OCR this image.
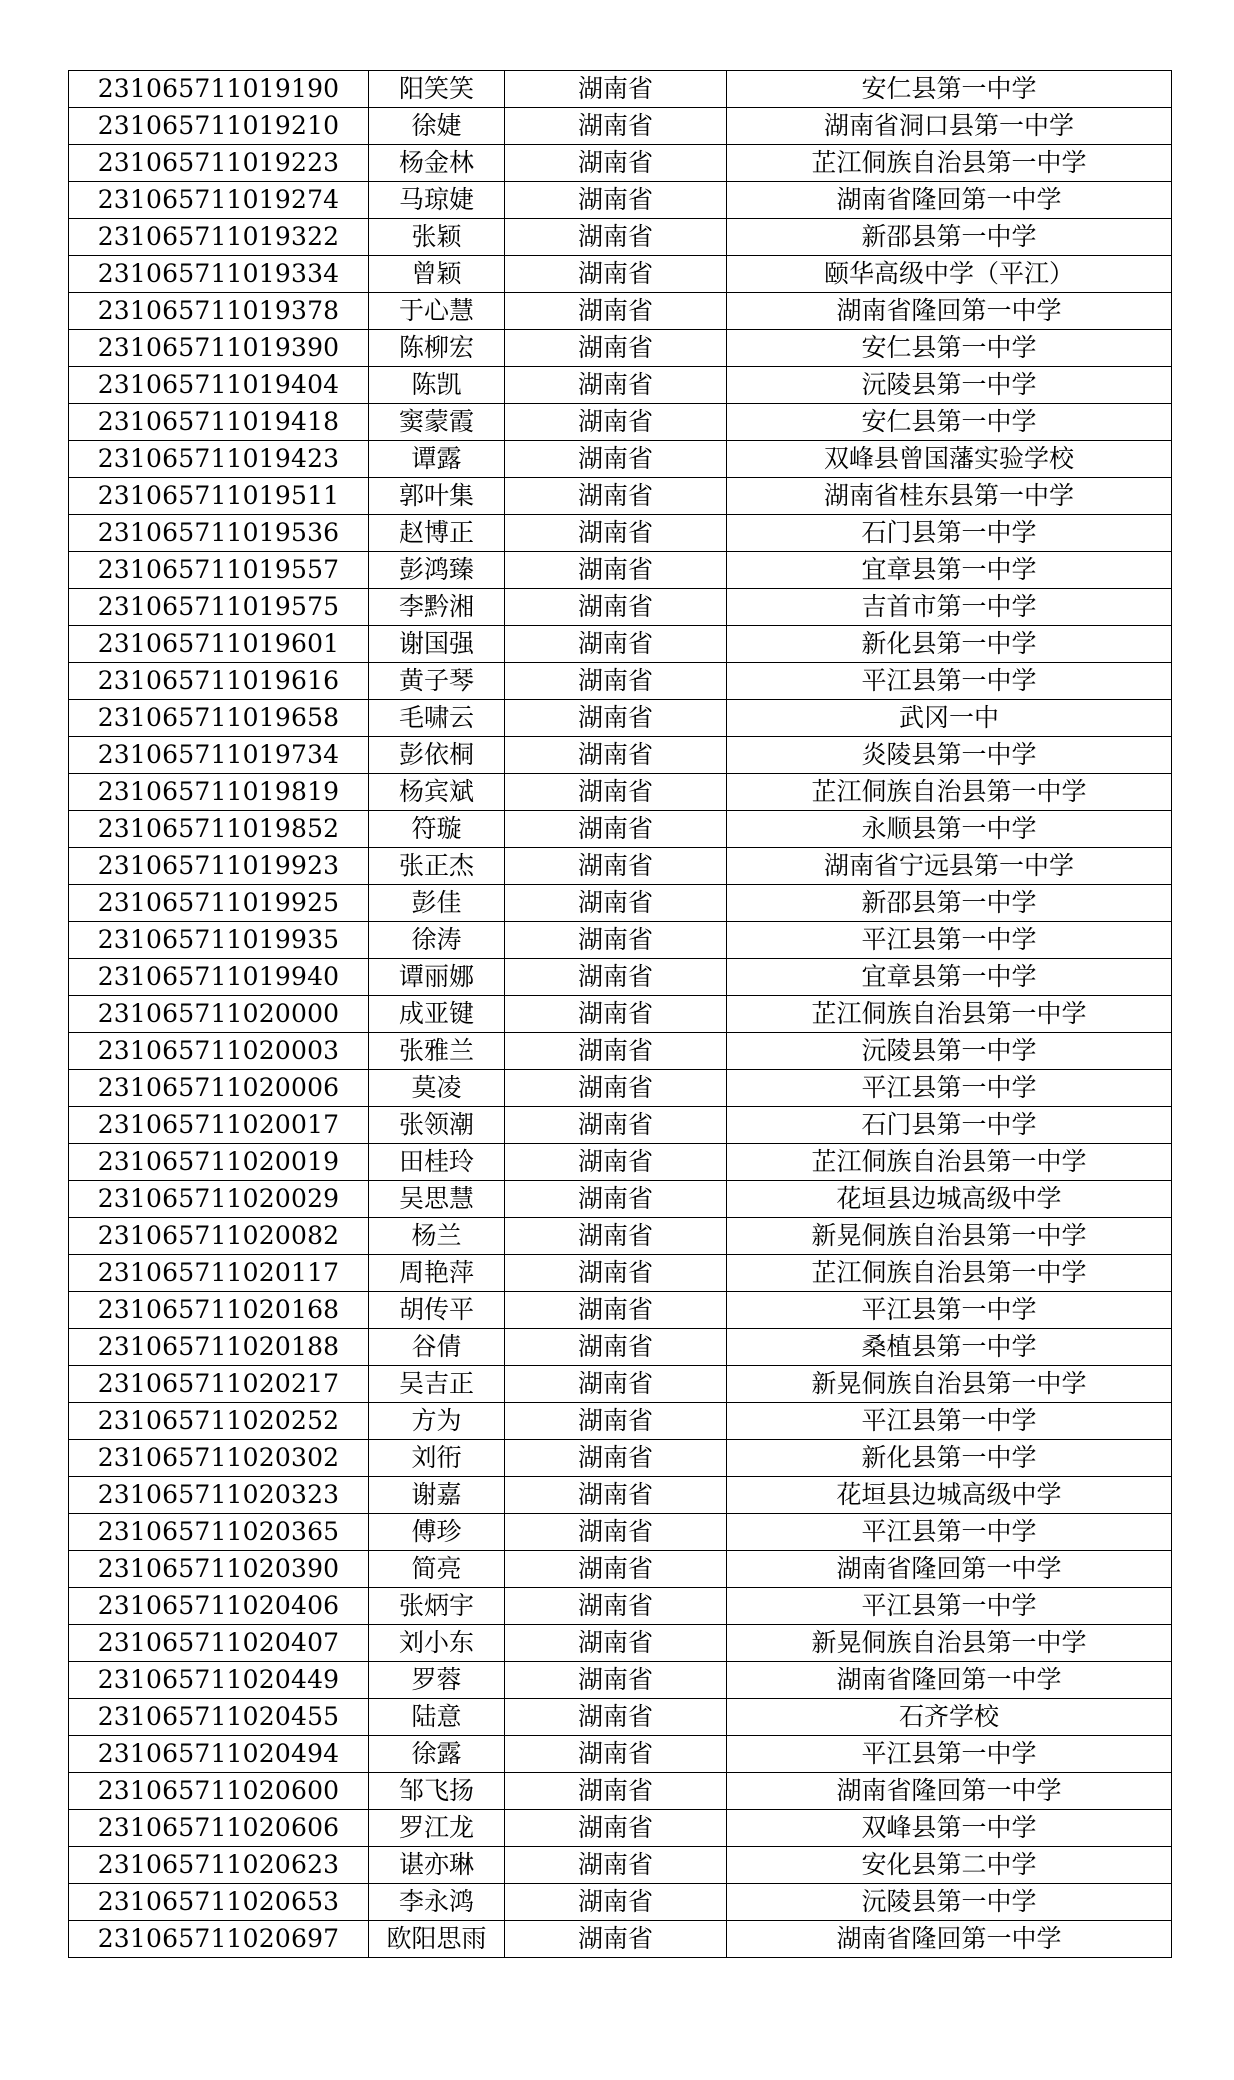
231065711019190	阳笑笑	湖南省	安仁县第一中学
231065711019210	徐婕	湖南省	湖南省洞口县第一中学
231065711019223	杨金林	湖南省	芷江侗族自治县第一中学
231065711019274	马琼婕	湖南省	湖南省隆回第一中学
231065711019322	张颖	湖南省	新邵县第一中学
231065711019334	曾颖	湖南省	颐华高级中学（平江）
231065711019378	于心慧	湖南省	湖南省隆回第一中学
231065711019390	陈柳宏	湖南省	安仁县第一中学
231065711019404	陈凯	湖南省	沅陵县第一中学
231065711019418	窦蒙霞	湖南省	安仁县第一中学
231065711019423	谭露	湖南省	双峰县曾国藩实验学校
231065711019511	郭叶集	湖南省	湖南省桂东县第一中学
231065711019536	赵博正	湖南省	石门县第一中学
231065711019557	彭鸿臻	湖南省	宜章县第一中学
231065711019575	李黔湘	湖南省	吉首市第一中学
231065711019601	谢国强	湖南省	新化县第一中学
231065711019616	黄子琴	湖南省	平江县第一中学
231065711019658	毛啸云	湖南省	武冈一中
231065711019734	彭依桐	湖南省	炎陵县第一中学
231065711019819	杨宾斌	湖南省	芷江侗族自治县第一中学
231065711019852	符璇	湖南省	永顺县第一中学
231065711019923	张正杰	湖南省	湖南省宁远县第一中学
231065711019925	彭佳	湖南省	新邵县第一中学
231065711019935	徐涛	湖南省	平江县第一中学
231065711019940	谭丽娜	湖南省	宜章县第一中学
231065711020000	成亚键	湖南省	芷江侗族自治县第一中学
231065711020003	张雅兰	湖南省	沅陵县第一中学
231065711020006	莫凌	湖南省	平江县第一中学
231065711020017	张领潮	湖南省	石门县第一中学
231065711020019	田桂玲	湖南省	芷江侗族自治县第一中学
231065711020029	吴思慧	湖南省	花垣县边城高级中学
231065711020082	杨兰	湖南省	新晃侗族自治县第一中学
231065711020117	周艳萍	湖南省	芷江侗族自治县第一中学
231065711020168	胡传平	湖南省	平江县第一中学
231065711020188	谷倩	湖南省	桑植县第一中学
231065711020217	吴吉正	湖南省	新晃侗族自治县第一中学
231065711020252	方为	湖南省	平江县第一中学
231065711020302	刘衎	湖南省	新化县第一中学
231065711020323	谢嘉	湖南省	花垣县边城高级中学
231065711020365	傅珍	湖南省	平江县第一中学
231065711020390	简亮	湖南省	湖南省隆回第一中学
231065711020406	张炳宇	湖南省	平江县第一中学
231065711020407	刘小东	湖南省	新晃侗族自治县第一中学
231065711020449	罗蓉	湖南省	湖南省隆回第一中学
231065711020455	陆意	湖南省	石齐学校
231065711020494	徐露	湖南省	平江县第一中学
231065711020600	邹飞扬	湖南省	湖南省隆回第一中学
231065711020606	罗江龙	湖南省	双峰县第一中学
231065711020623	谌亦琳	湖南省	安化县第二中学
231065711020653	李永鸿	湖南省	沅陵县第一中学
231065711020697	欧阳思雨	湖南省	湖南省隆回第一中学
